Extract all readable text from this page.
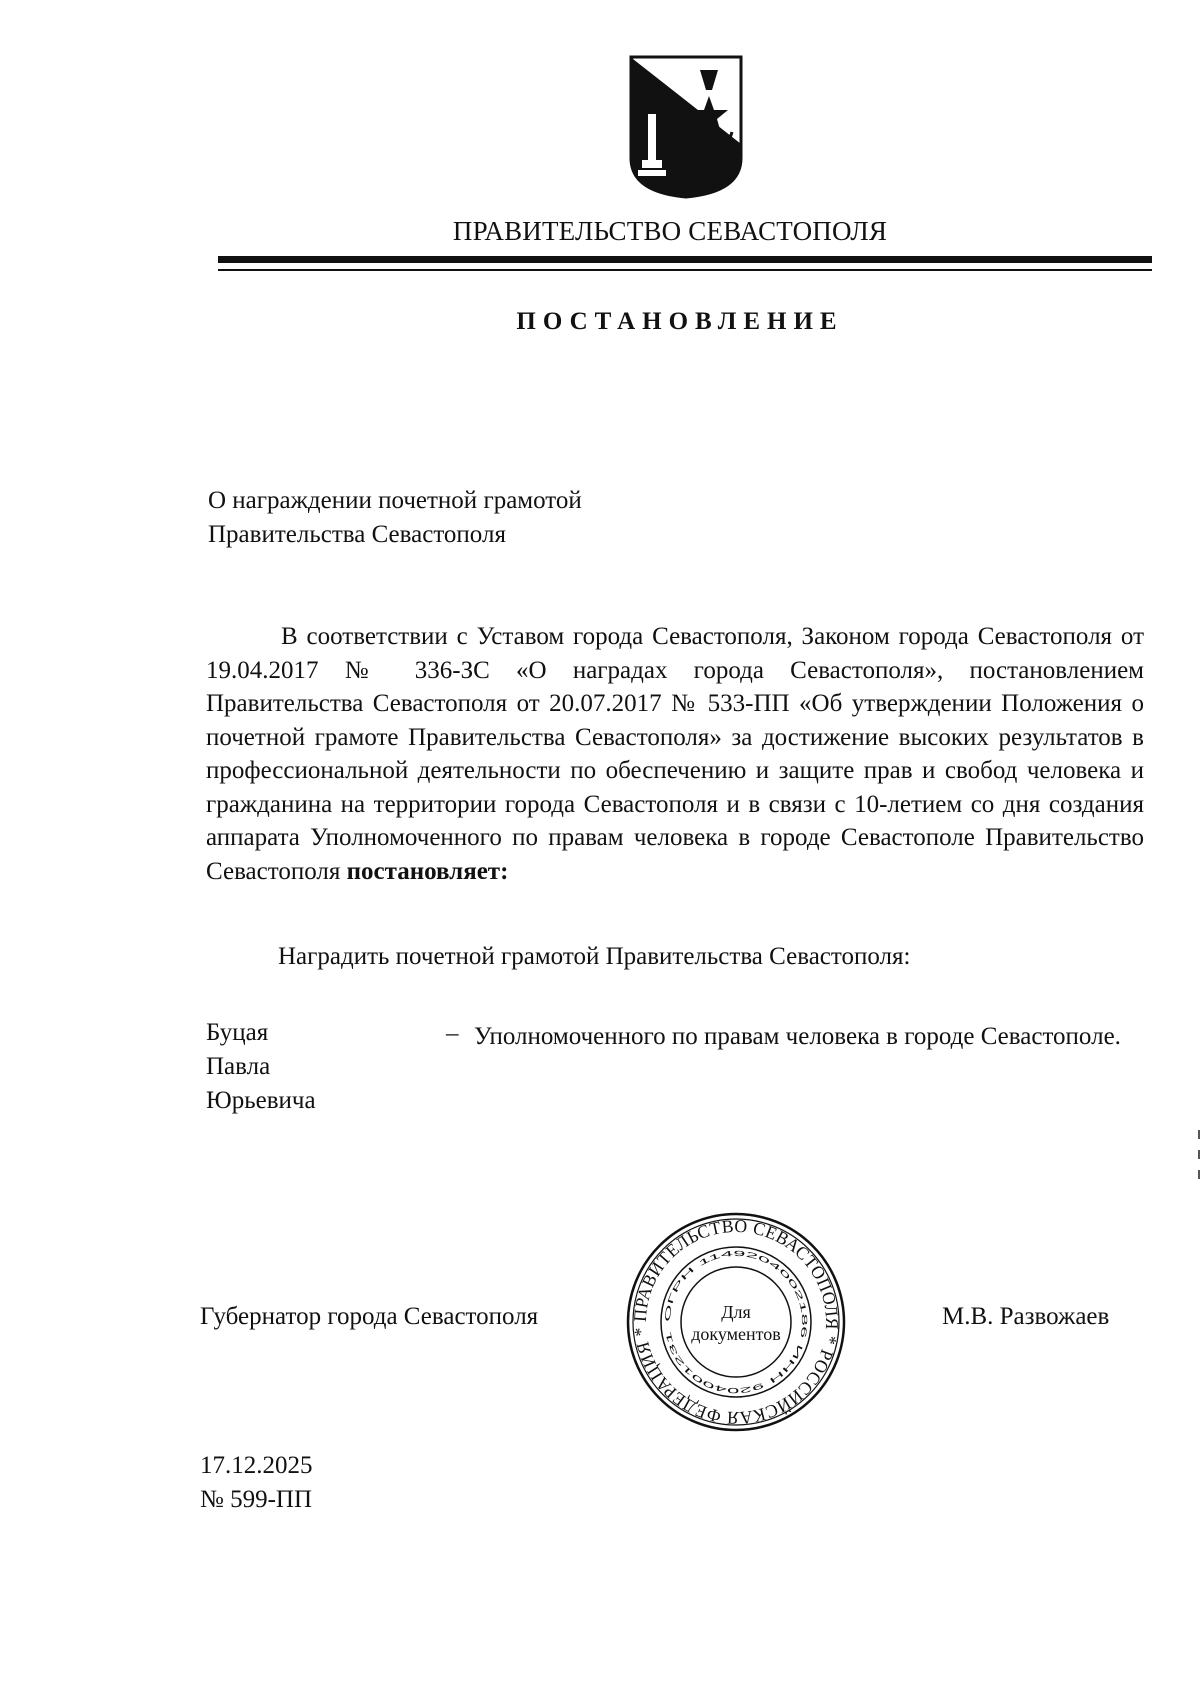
ПРАВИТЕЛЬСТВО СЕВАСТОПОЛЯ
ПОСТАНОВЛЕНИЕ
О награждении почетной грамотой
Правительства Севастополя
В соответствии с Уставом города Севастополя, Законом города Севастополя от 19.04.2017 № 336-ЗС «О наградах города Севастополя», постановлением Правительства Севастополя от 20.07.2017 № 533-ПП «Об утверждении Положения о почетной грамоте Правительства Севастополя» за достижение высоких результатов в профессиональной деятельности по обеспечению и защите прав и свобод человека и гражданина на территории города Севастополя и в связи с 10-летием со дня создания аппарата Уполномоченного по правам человека в городе Севастополе Правительство Севастополя постановляет:
Наградить почетной грамотой Правительства Севастополя:
Буцая
Павла
Юрьевича
– Уполномоченного по правам человека в городе Севастополе.
Губернатор города Севастополя	ПРАВИТЕЛЬСТВО СЕВАСТОПОЛЯ * РОССИЙСКАЯ ФЕДЕРАЦИЯ *
ОГРН 1149204002186 ИНН 9204001231
Для
документов
М.В. Развожаев
17.12.2025
№ 599-ПП
